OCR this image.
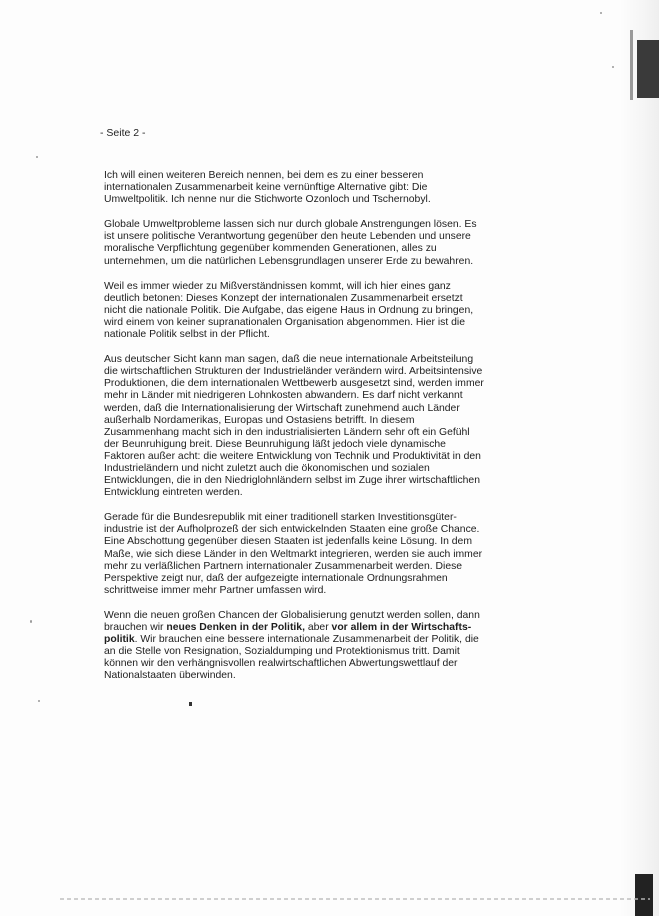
- Seite 2 -
Ich will einen weiteren Bereich nennen, bei dem es zu einer besseren
internationalen Zusammenarbeit keine vernünftige Alternative gibt: Die
Umweltpolitik. Ich nenne nur die Stichworte Ozonloch und Tschernobyl.
Globale Umweltprobleme lassen sich nur durch globale Anstrengungen lösen. Es
ist unsere politische Verantwortung gegenüber den heute Lebenden und unsere
moralische Verpflichtung gegenüber kommenden Generationen, alles zu
unternehmen, um die natürlichen Lebensgrundlagen unserer Erde zu bewahren.
Weil es immer wieder zu Mißverständnissen kommt, will ich hier eines ganz
deutlich betonen: Dieses Konzept der internationalen Zusammenarbeit ersetzt
nicht die nationale Politik. Die Aufgabe, das eigene Haus in Ordnung zu bringen,
wird einem von keiner supranationalen Organisation abgenommen. Hier ist die
nationale Politik selbst in der Pflicht.
Aus deutscher Sicht kann man sagen, daß die neue internationale Arbeitsteilung
die wirtschaftlichen Strukturen der Industrieländer verändern wird. Arbeitsintensive
Produktionen, die dem internationalen Wettbewerb ausgesetzt sind, werden immer
mehr in Länder mit niedrigeren Lohnkosten abwandern. Es darf nicht verkannt
werden, daß die Internationalisierung der Wirtschaft zunehmend auch Länder
außerhalb Nordamerikas, Europas und Ostasiens betrifft. In diesem
Zusammenhang macht sich in den industrialisierten Ländern sehr oft ein Gefühl
der Beunruhigung breit. Diese Beunruhigung läßt jedoch viele dynamische
Faktoren außer acht: die weitere Entwicklung von Technik und Produktivität in den
Industrieländern und nicht zuletzt auch die ökonomischen und sozialen
Entwicklungen, die in den Niedriglohnländern selbst im Zuge ihrer wirtschaftlichen
Entwicklung eintreten werden.
Gerade für die Bundesrepublik mit einer traditionell starken Investitionsgüter-
industrie ist der Aufholprozeß der sich entwickelnden Staaten eine große Chance.
Eine Abschottung gegenüber diesen Staaten ist jedenfalls keine Lösung. In dem
Maße, wie sich diese Länder in den Weltmarkt integrieren, werden sie auch immer
mehr zu verläßlichen Partnern internationaler Zusammenarbeit werden. Diese
Perspektive zeigt nur, daß der aufgezeigte internationale Ordnungsrahmen
schrittweise immer mehr Partner umfassen wird.
Wenn die neuen großen Chancen der Globalisierung genutzt werden sollen, dann
brauchen wir neues Denken in der Politik, aber vor allem in der Wirtschafts-
politik. Wir brauchen eine bessere internationale Zusammenarbeit der Politik, die
an die Stelle von Resignation, Sozialdumping und Protektionismus tritt. Damit
können wir den verhängnisvollen realwirtschaftlichen Abwertungswettlauf der
Nationalstaaten überwinden.
